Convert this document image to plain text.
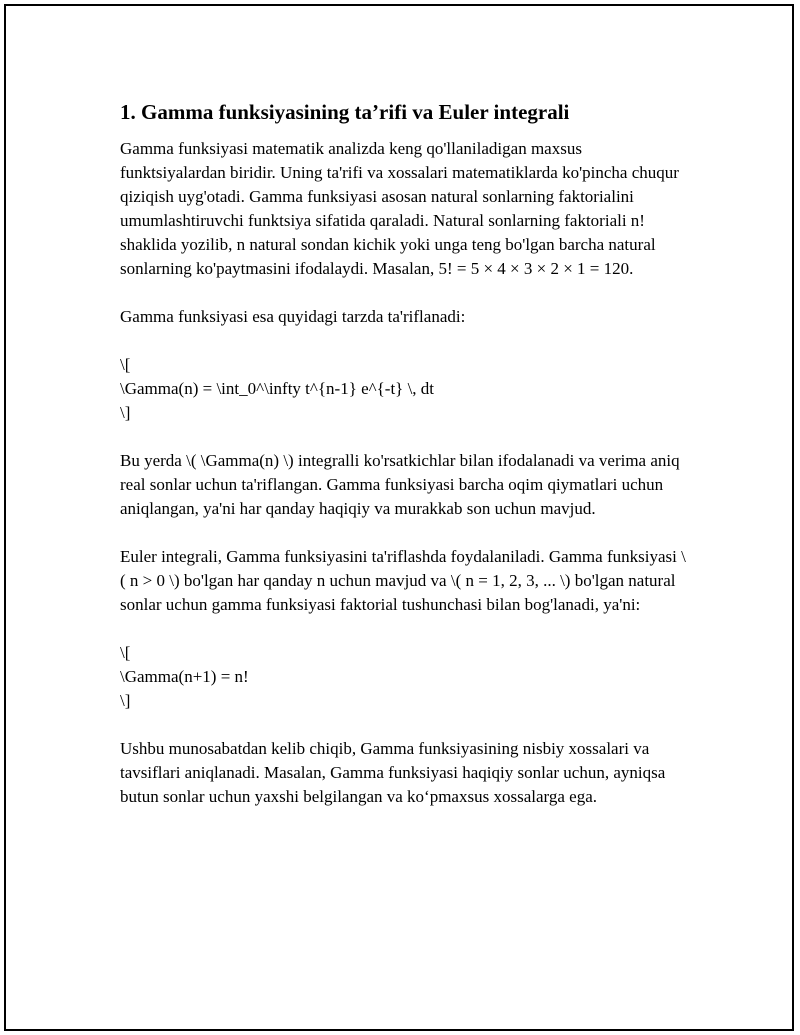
1. Gamma funksiyasining ta’rifi va Euler integrali

Gamma funksiyasi matematik analizda keng qo'llaniladigan maxsus funktsiyalardan biridir. Uning ta'rifi va xossalari matematiklarda ko'pincha chuqur qiziqish uyg'otadi. Gamma funksiyasi asosan natural sonlarning faktorialini umumlashtiruvchi funktsiya sifatida qaraladi. Natural sonlarning faktoriali n! shaklida yozilib, n natural sondan kichik yoki unga teng bo'lgan barcha natural sonlarning ko'paytmasini ifodalaydi. Masalan, 5! = 5 × 4 × 3 × 2 × 1 = 120.

Gamma funksiyasi esa quyidagi tarzda ta'riflanadi:

\[
\Gamma(n) = \int_0^\infty t^{n-1} e^{-t} \, dt
\]

Bu yerda \( \Gamma(n) \) integralli ko'rsatkichlar bilan ifodalanadi va verima aniq real sonlar uchun ta'riflangan. Gamma funksiyasi barcha oqim qiymatlari uchun aniqlangan, ya'ni har qanday haqiqiy va murakkab son uchun mavjud.

Euler integrali, Gamma funksiyasini ta'riflashda foydalaniladi. Gamma funksiyasi \( n > 0 \) bo'lgan har qanday n uchun mavjud va \( n = 1, 2, 3, ... \) bo'lgan natural sonlar uchun gamma funksiyasi faktorial tushunchasi bilan bog'lanadi, ya'ni:

\[
\Gamma(n+1) = n!
\]

Ushbu munosabatdan kelib chiqib, Gamma funksiyasining nisbiy xossalari va tavsiflari aniqlanadi. Masalan, Gamma funksiyasi haqiqiy sonlar uchun, ayniqsa butun sonlar uchun yaxshi belgilangan va ko‘pmaxsus xossalarga ega.
